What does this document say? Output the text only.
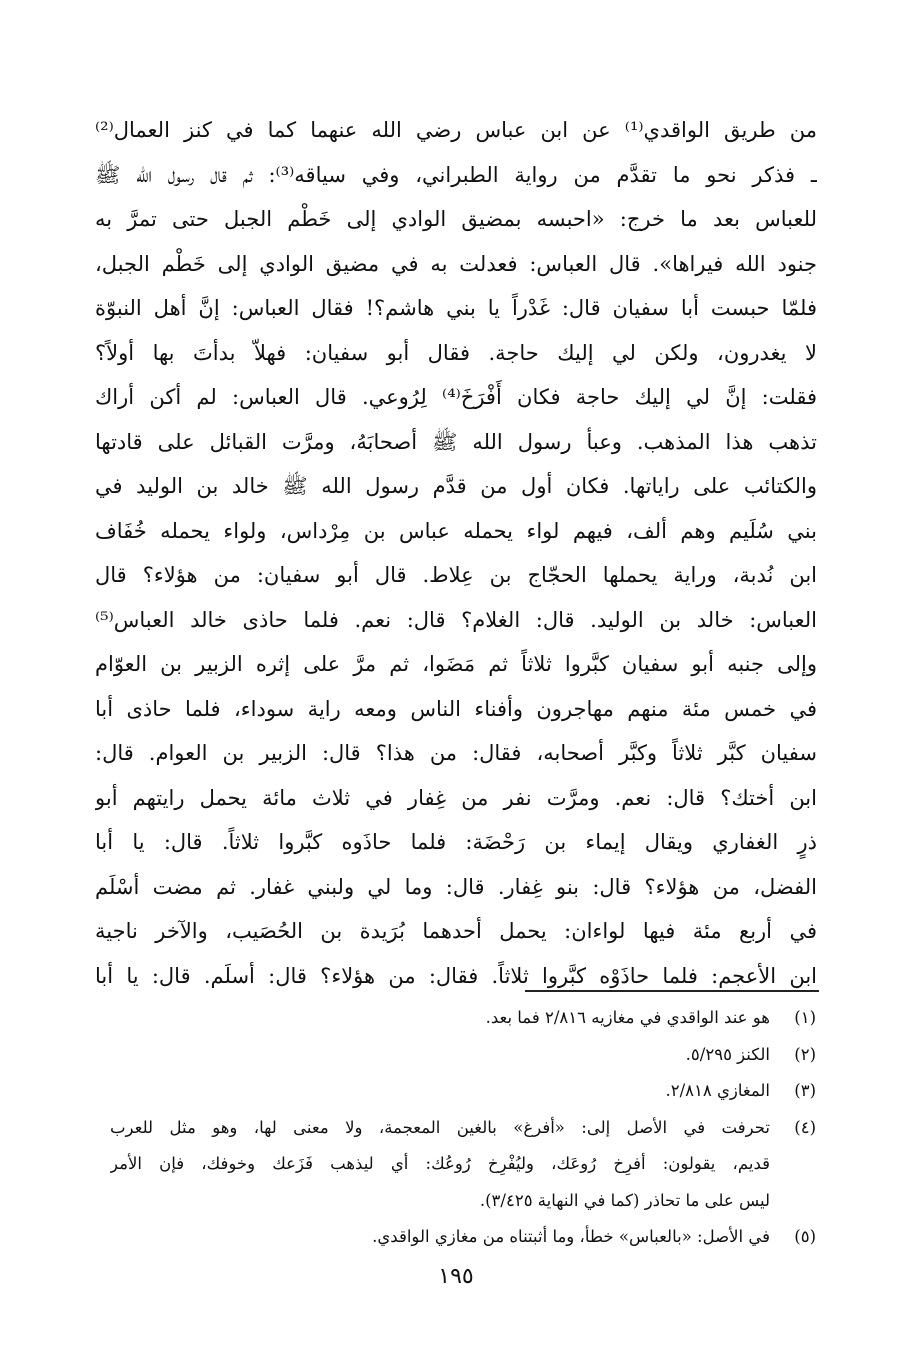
من طريق الواقدي⁽¹⁾ عن ابن عباس رضي الله عنهما كما في كنز العمال⁽²⁾
ـ فذكر نحو ما تقدَّم من رواية الطبراني، وفي سياقه⁽³⁾: ثم قال رسول الله ﷺ
للعباس بعد ما خرج: «احبسه بمضيق الوادي إلى خَطْم الجبل حتى تمرَّ به
جنود الله فيراها». قال العباس: فعدلت به في مضيق الوادي إلى خَطْم الجبل،
فلمّا حبست أبا سفيان قال: غَدْراً يا بني هاشم؟! فقال العباس: إنَّ أهل النبوّة
لا يغدرون، ولكن لي إليك حاجة. فقال أبو سفيان: فهلاّ بدأتَ بها أولاً؟
فقلت: إنَّ لي إليك حاجة فكان أَفْرَخَ⁽⁴⁾ لِرُوعي. قال العباس: لم أكن أراك
تذهب هذا المذهب. وعبأ رسول الله ﷺ أصحابَهُ، ومرَّت القبائل على قادتها
والكتائب على راياتها. فكان أول من قدَّم رسول الله ﷺ خالد بن الوليد في
بني سُلَيم وهم ألف، فيهم لواء يحمله عباس بن مِرْداس، ولواء يحمله خُفَاف
ابن نُدبة، وراية يحملها الحجّاج بن عِلاط. قال أبو سفيان: من هؤلاء؟ قال
العباس: خالد بن الوليد. قال: الغلام؟ قال: نعم. فلما حاذى خالد العباس⁽⁵⁾
وإلى جنبه أبو سفيان كبَّروا ثلاثاً ثم مَضَوا، ثم مرَّ على إثره الزبير بن العوّام
في خمس مئة منهم مهاجرون وأفناء الناس ومعه راية سوداء، فلما حاذى أبا
سفيان كبَّر ثلاثاً وكبَّر أصحابه، فقال: من هذا؟ قال: الزبير بن العوام. قال:
ابن أختك؟ قال: نعم. ومرَّت نفر من غِفار في ثلاث مائة يحمل رايتهم أبو
ذرٍ الغفاري ويقال إيماء بن رَحْضَة: فلما حاذَوه كبَّروا ثلاثاً. قال: يا أبا
الفضل، من هؤلاء؟ قال: بنو غِفار. قال: وما لي ولبني غفار. ثم مضت أسْلَم
في أربع مئة فيها لواءان: يحمل أحدهما بُرَيدة بن الحُصَيب، والآخر ناجية
ابن الأعجم: فلما حاذَوْه كبَّروا ثلاثاً. فقال: من هؤلاء؟ قال: أسلَم. قال: يا أبا
(١)
هو عند الواقدي في مغازيه ٢/٨١٦ فما بعد.
(٢)
الكنز ٥/٢٩٥.
(٣)
المغازي ٢/٨١٨.
(٤)
تحرفت في الأصل إلى: «أفرغ» بالغين المعجمة، ولا معنى لها، وهو مثل للعرب
قديم، يقولون: أفرِخ رُوعَك، وليُفْرِخ رُوعُك: أي ليذهب فَزَعك وخوفك، فإن الأمر
ليس على ما تحاذر (كما في النهاية ٣/٤٢٥).
(٥)
في الأصل: «بالعباس» خطأ، وما أثبتناه من مغازي الواقدي.
١٩٥
